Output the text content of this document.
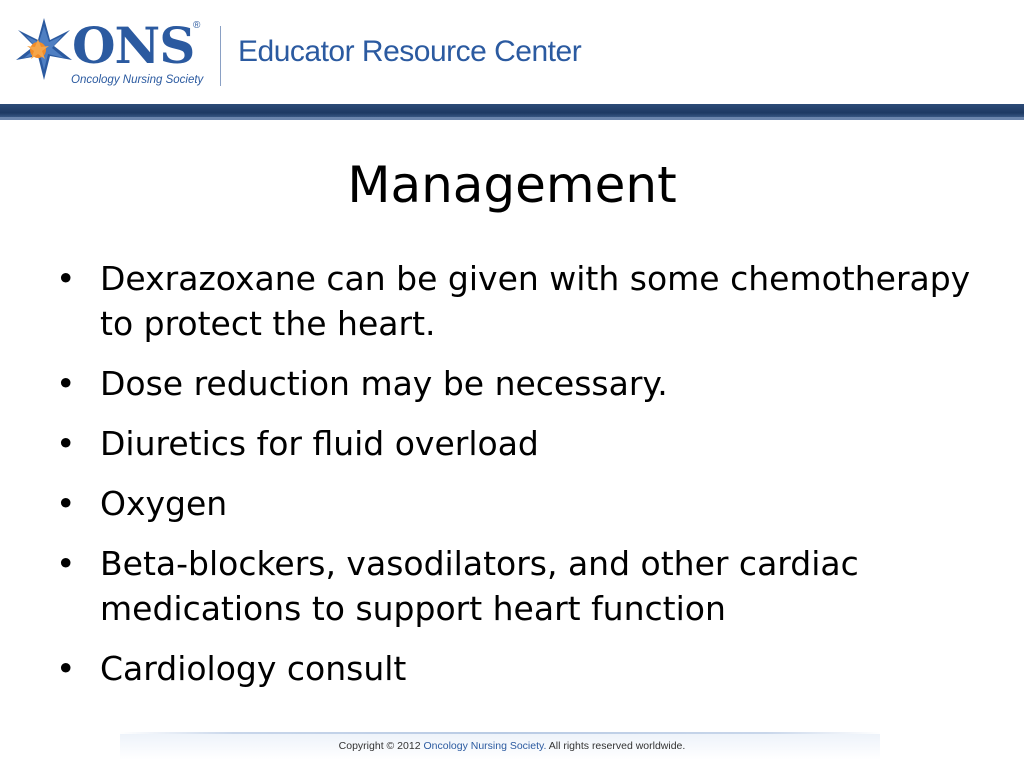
ONS
®
Oncology Nursing Society
Educator Resource Center
Management
• Dexrazoxane can be given with some chemotherapy to protect the heart.
• Dose reduction may be necessary.
• Diuretics for fluid overload
• Oxygen
• Beta-blockers, vasodilators, and other cardiac medications to support heart function
• Cardiology consult
Copyright © 2012 Oncology Nursing Society. All rights reserved worldwide.
